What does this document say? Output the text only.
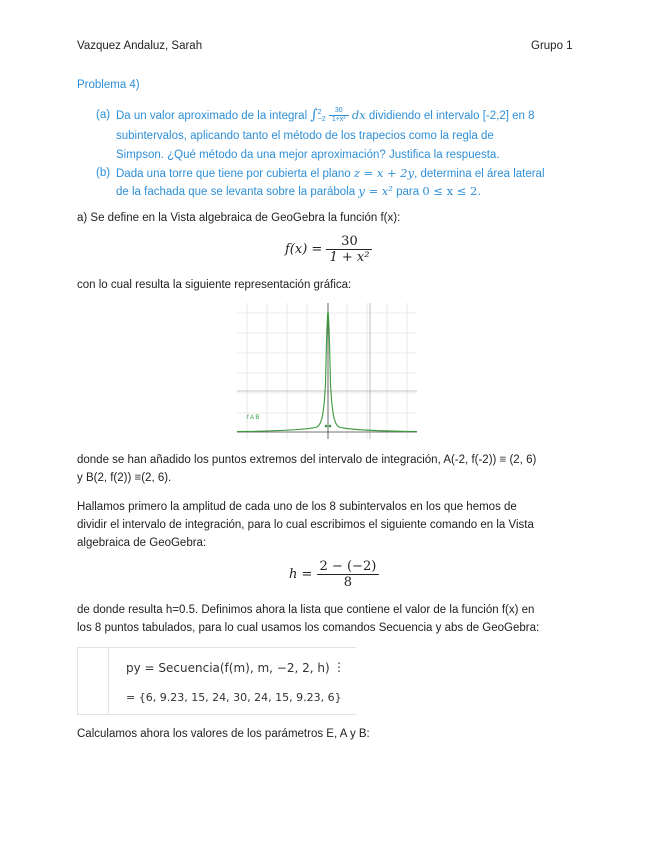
Vazquez Andaluz, Sarah	Grupo 1
Problema 4)
(a) Da un valor aproximado de la integral ∫ 2
−2
$\frac{30}{\text{1+x²}}$ dx dividiendo el intervalo [-2,2] en 8
subintervalos, aplicando tanto el método de los trapecios como la regla de
Simpson. ¿Qué método da una mejor aproximación? Justifica la respuesta.
(b) Dada una torre que tiene por cubierta el plano z = x + 2y, determina el área lateral
de la fachada que se levanta sobre la parábola y = x² para 0 ≤ x ≤ 2.
a) Se define en la Vista algebraica de GeoGebra la función f(x):
$f(x) = \frac{30}{\text{1 + x²}}$
con lo cual resulta la siguiente representación gráfica:
f A B
donde se han añadido los puntos extremos del intervalo de integración, A(-2, f(-2)) ≡ (2, 6)
y B(2, f(2)) ≡(2, 6).
Hallamos primero la amplitud de cada uno de los 8 subintervalos en los que hemos de
dividir el intervalo de integración, para lo cual escribimos el siguiente comando en la Vista
algebraica de GeoGebra:
$h = \frac{2 - (-2)}{8}$
de donde resulta h=0.5. Definimos ahora la lista que contiene el valor de la función f(x) en
los 8 puntos tabulados, para lo cual usamos los comandos Secuencia y abs de GeoGebra:
py = Secuencia(f(m), m, −2, 2, h) ⋮
= {6, 9.23, 15, 24, 30, 24, 15, 9.23, 6}
Calculamos ahora los valores de los parámetros E, A y B:
